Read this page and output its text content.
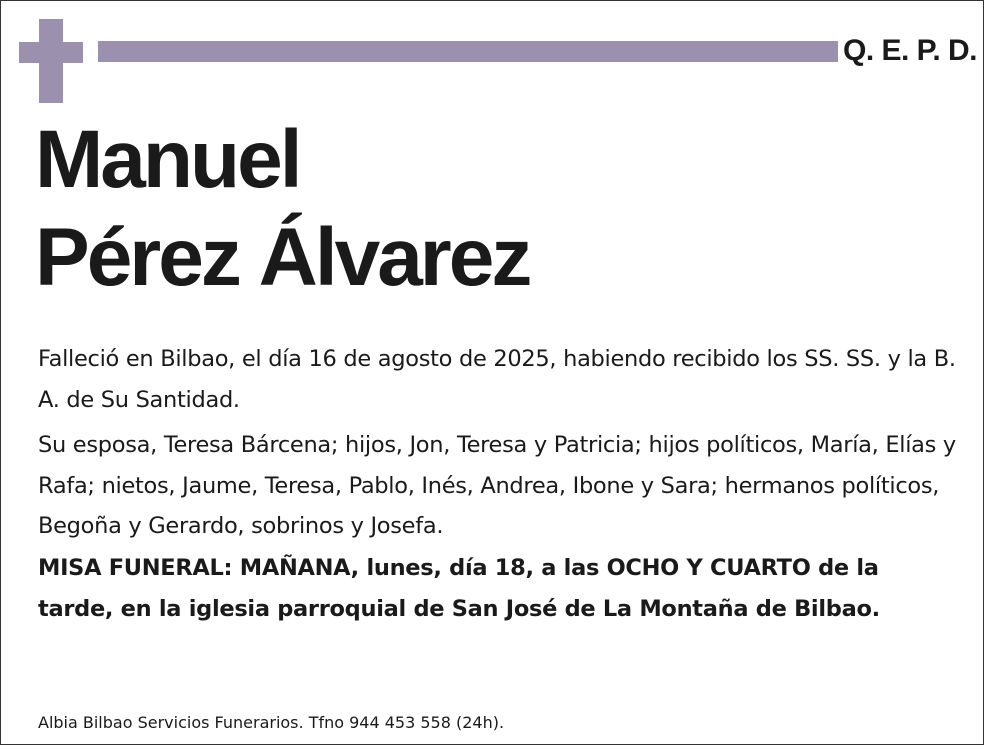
Q. E. P. D.
Manuel
Pérez Álvarez
Falleció en Bilbao, el día 16 de agosto de 2025, habiendo recibido los SS. SS. y la B. A. de Su Santidad.
Su esposa, Teresa Bárcena; hijos, Jon, Teresa y Patricia; hijos políticos, María, Elías y Rafa; nietos, Jaume, Teresa, Pablo, Inés, Andrea, Ibone y Sara; hermanos políticos, Begoña y Gerardo, sobrinos y Josefa.
MISA FUNERAL: MAÑANA, lunes, día 18, a las OCHO Y CUARTO de la tarde, en la iglesia parroquial de San José de La Montaña de Bilbao.
Albia Bilbao Servicios Funerarios. Tfno 944 453 558 (24h).
